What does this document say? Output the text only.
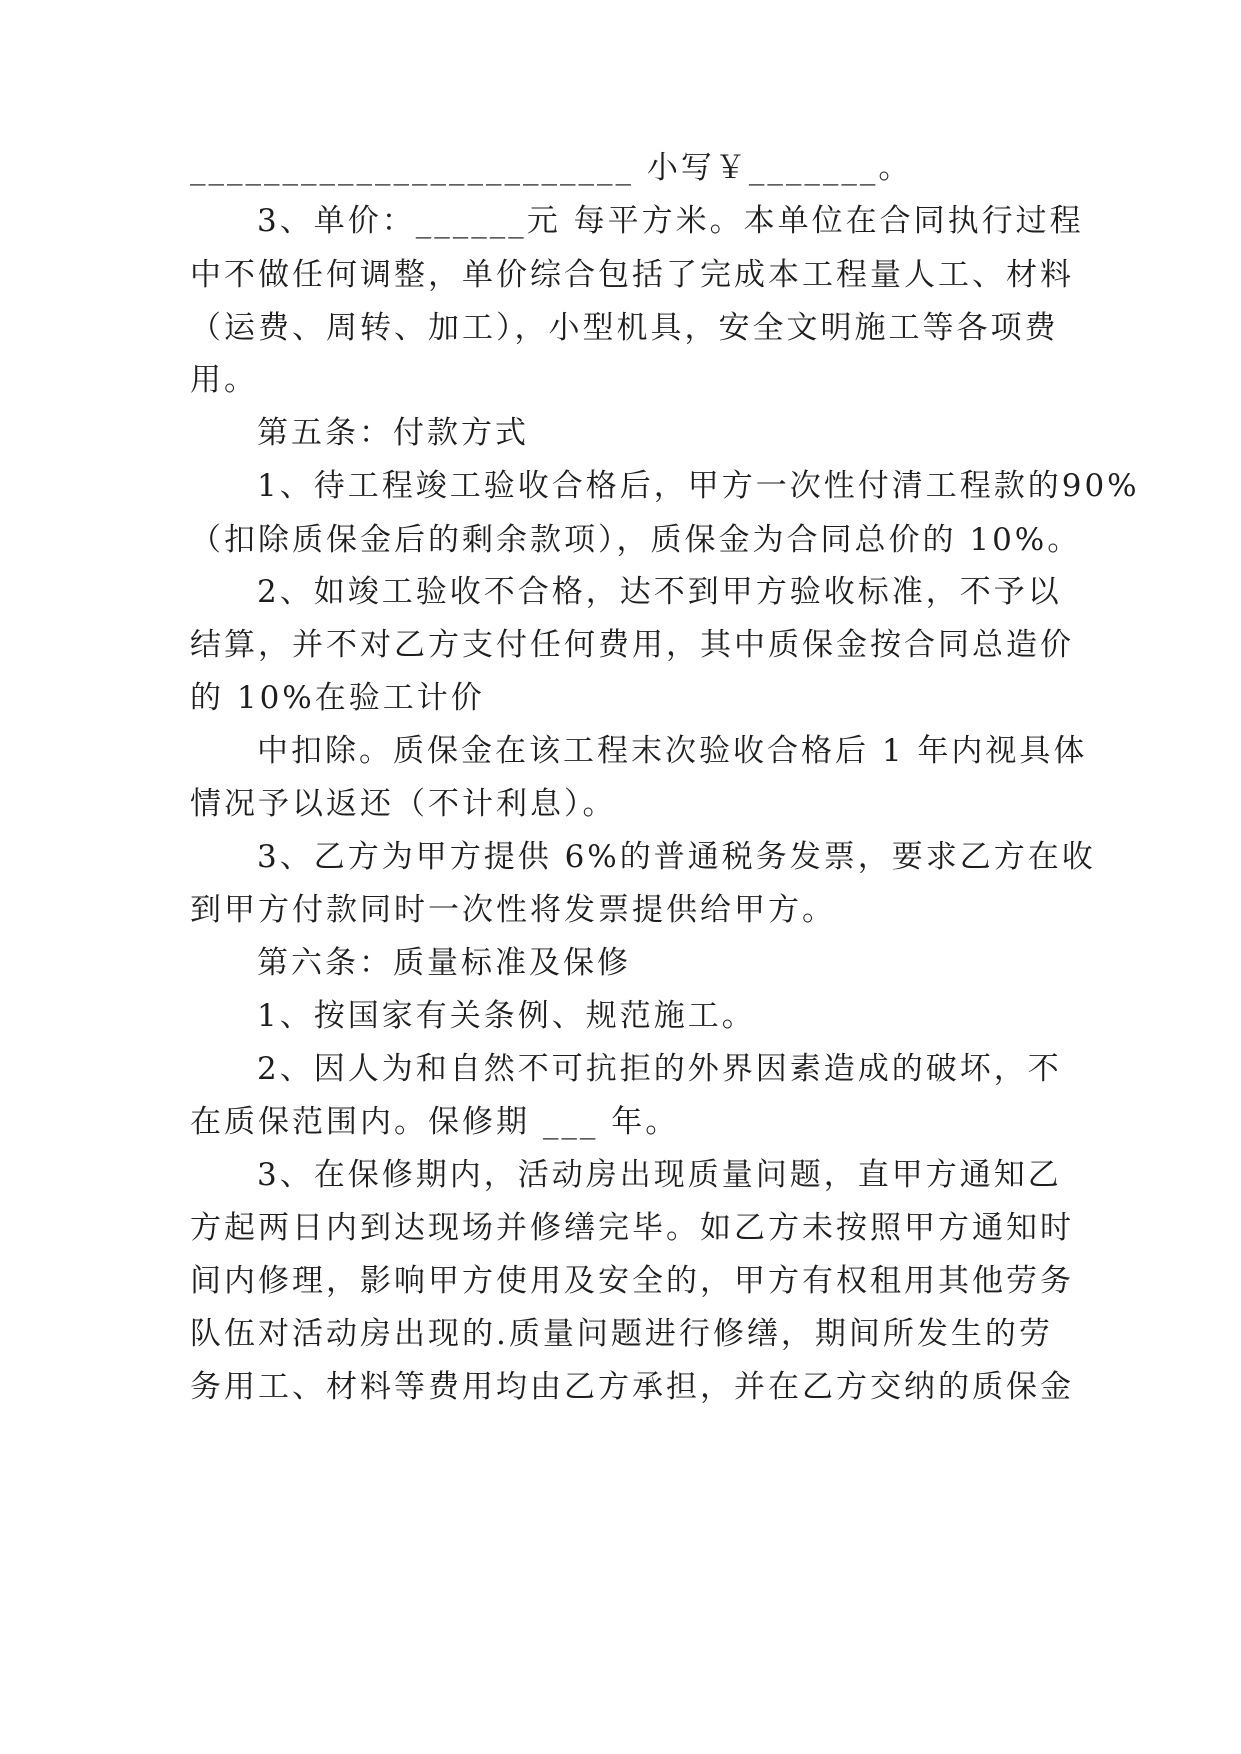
________________________ 小写￥_______。
3、单价：______元 每平方米。本单位在合同执行过程
中不做任何调整，单价综合包括了完成本工程量人工、材料
（运费、周转、加工），小型机具，安全文明施工等各项费
用。
第五条：付款方式
1、待工程竣工验收合格后，甲方一次性付清工程款的90%
（扣除质保金后的剩余款项），质保金为合同总价的 10%。
2、如竣工验收不合格，达不到甲方验收标准，不予以
结算，并不对乙方支付任何费用，其中质保金按合同总造价
的 10%在验工计价
中扣除。质保金在该工程末次验收合格后 1 年内视具体
情况予以返还（不计利息）。
3、乙方为甲方提供 6%的普通税务发票，要求乙方在收
到甲方付款同时一次性将发票提供给甲方。
第六条：质量标准及保修
1、按国家有关条例、规范施工。
2、因人为和自然不可抗拒的外界因素造成的破坏，不
在质保范围内。保修期 ___ 年。
3、在保修期内，活动房出现质量问题，直甲方通知乙
方起两日内到达现场并修缮完毕。如乙方未按照甲方通知时
间内修理，影响甲方使用及安全的，甲方有权租用其他劳务
队伍对活动房出现的.质量问题进行修缮，期间所发生的劳
务用工、材料等费用均由乙方承担，并在乙方交纳的质保金
